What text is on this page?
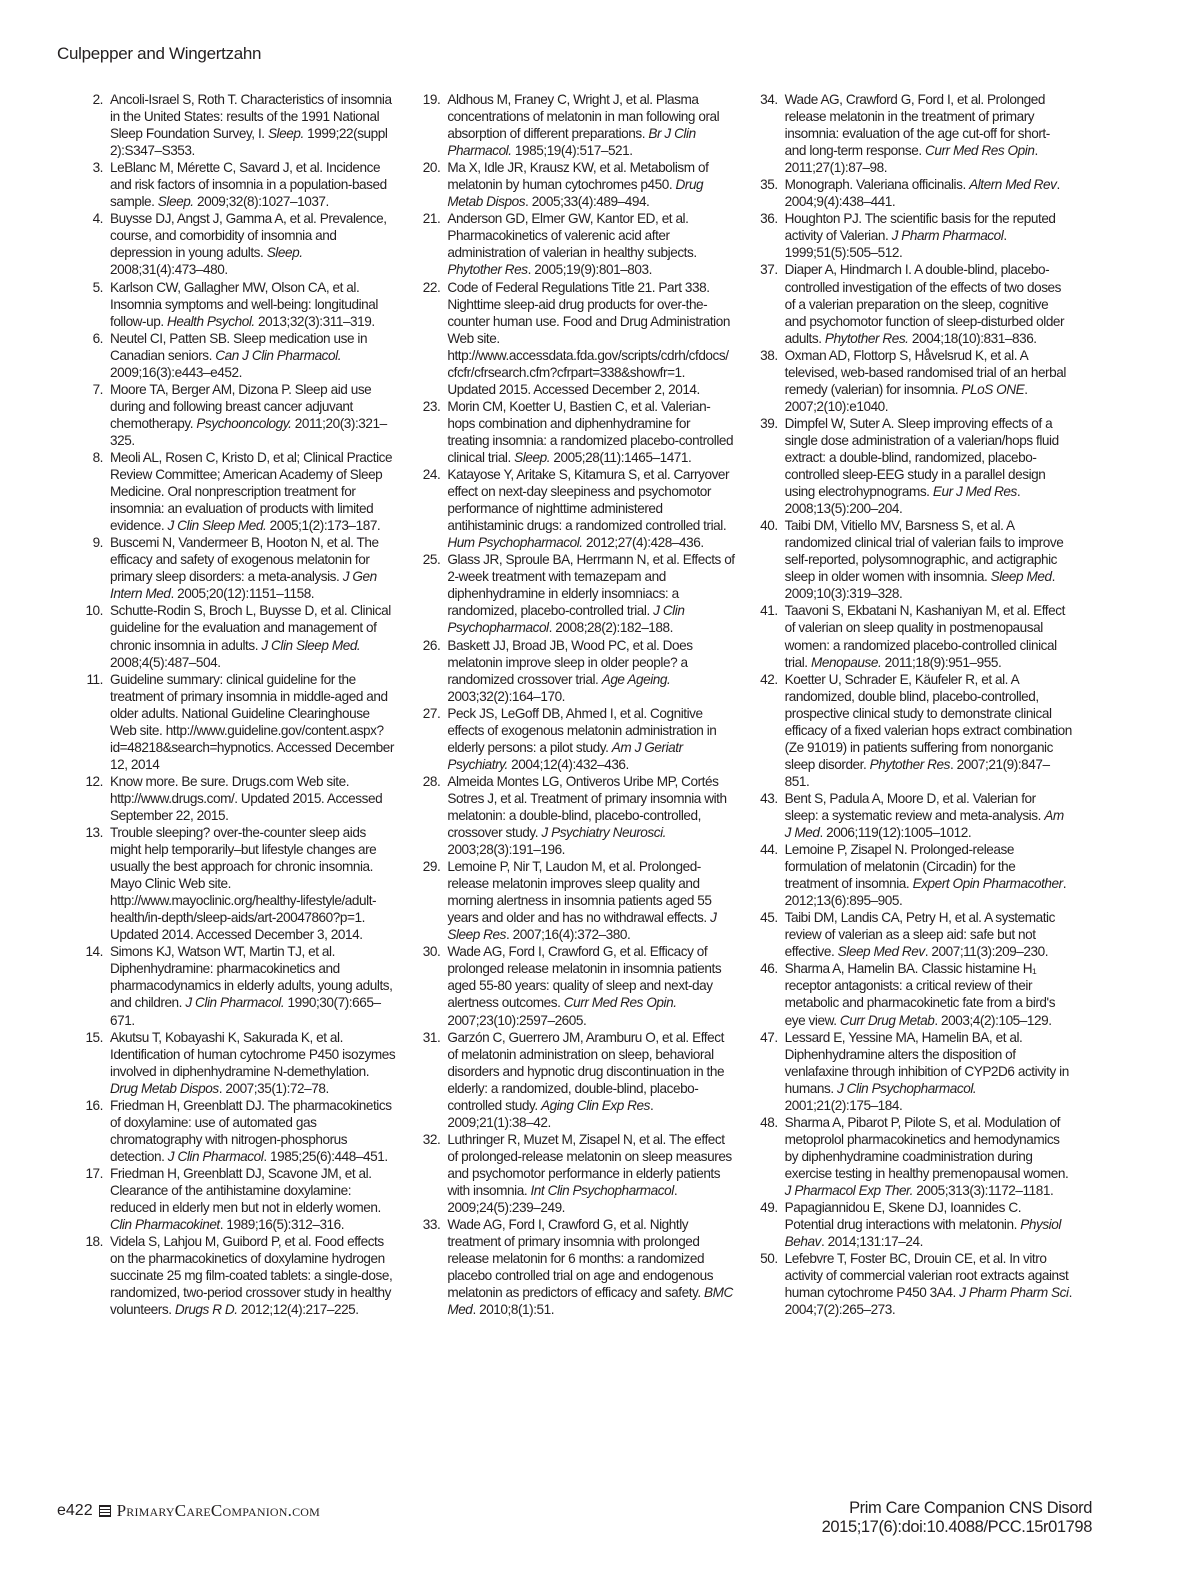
Culpepper and Wingertzahn
2. Ancoli-Israel S, Roth T. Characteristics of insomnia in the United States: results of the 1991 National Sleep Foundation Survey, I. Sleep. 1999;22(suppl 2):S347–S353.
3. LeBlanc M, Mérette C, Savard J, et al. Incidence and risk factors of insomnia in a population-based sample. Sleep. 2009;32(8):1027–1037.
4. Buysse DJ, Angst J, Gamma A, et al. Prevalence, course, and comorbidity of insomnia and depression in young adults. Sleep. 2008;31(4):473–480.
5. Karlson CW, Gallagher MW, Olson CA, et al. Insomnia symptoms and well-being: longitudinal follow-up. Health Psychol. 2013;32(3):311–319.
6. Neutel CI, Patten SB. Sleep medication use in Canadian seniors. Can J Clin Pharmacol. 2009;16(3):e443–e452.
7. Moore TA, Berger AM, Dizona P. Sleep aid use during and following breast cancer adjuvant chemotherapy. Psychooncology. 2011;20(3):321–325.
8. Meoli AL, Rosen C, Kristo D, et al; Clinical Practice Review Committee; American Academy of Sleep Medicine. Oral nonprescription treatment for insomnia: an evaluation of products with limited evidence. J Clin Sleep Med. 2005;1(2):173–187.
9. Buscemi N, Vandermeer B, Hooton N, et al. The efficacy and safety of exogenous melatonin for primary sleep disorders: a meta-analysis. J Gen Intern Med. 2005;20(12):1151–1158.
10. Schutte-Rodin S, Broch L, Buysse D, et al. Clinical guideline for the evaluation and management of chronic insomnia in adults. J Clin Sleep Med. 2008;4(5):487–504.
11. Guideline summary: clinical guideline for the treatment of primary insomnia in middle-aged and older adults. National Guideline Clearinghouse Web site. http://www.guideline.gov/content.aspx?id=48218&search=hypnotics. Accessed December 12, 2014
12. Know more. Be sure. Drugs.com Web site. http://www.drugs.com/. Updated 2015. Accessed September 22, 2015.
13. Trouble sleeping? over-the-counter sleep aids might help temporarily–but lifestyle changes are usually the best approach for chronic insomnia. Mayo Clinic Web site. http://www.mayoclinic.org/healthy-lifestyle/adult-health/in-depth/sleep-aids/art-20047860?p=1. Updated 2014. Accessed December 3, 2014.
14. Simons KJ, Watson WT, Martin TJ, et al. Diphenhydramine: pharmacokinetics and pharmacodynamics in elderly adults, young adults, and children. J Clin Pharmacol. 1990;30(7):665–671.
15. Akutsu T, Kobayashi K, Sakurada K, et al. Identification of human cytochrome P450 isozymes involved in diphenhydramine N-demethylation. Drug Metab Dispos. 2007;35(1):72–78.
16. Friedman H, Greenblatt DJ. The pharmacokinetics of doxylamine: use of automated gas chromatography with nitrogen-phosphorus detection. J Clin Pharmacol. 1985;25(6):448–451.
17. Friedman H, Greenblatt DJ, Scavone JM, et al. Clearance of the antihistamine doxylamine: reduced in elderly men but not in elderly women. Clin Pharmacokinet. 1989;16(5):312–316.
18. Videla S, Lahjou M, Guibord P, et al. Food effects on the pharmacokinetics of doxylamine hydrogen succinate 25 mg film-coated tablets: a single-dose, randomized, two-period crossover study in healthy volunteers. Drugs R D. 2012;12(4):217–225.
19. Aldhous M, Franey C, Wright J, et al. Plasma concentrations of melatonin in man following oral absorption of different preparations. Br J Clin Pharmacol. 1985;19(4):517–521.
20. Ma X, Idle JR, Krausz KW, et al. Metabolism of melatonin by human cytochromes p450. Drug Metab Dispos. 2005;33(4):489–494.
21. Anderson GD, Elmer GW, Kantor ED, et al. Pharmacokinetics of valerenic acid after administration of valerian in healthy subjects. Phytother Res. 2005;19(9):801–803.
22. Code of Federal Regulations Title 21. Part 338. Nighttime sleep-aid drug products for over-the-counter human use. Food and Drug Administration Web site. http://www.accessdata.fda.gov/scripts/cdrh/cfdocs/cfcfr/cfrsearch.cfm?cfrpart=338&showfr=1. Updated 2015. Accessed December 2, 2014.
23. Morin CM, Koetter U, Bastien C, et al. Valerian-hops combination and diphenhydramine for treating insomnia: a randomized placebo-controlled clinical trial. Sleep. 2005;28(11):1465–1471.
24. Katayose Y, Aritake S, Kitamura S, et al. Carryover effect on next-day sleepiness and psychomotor performance of nighttime administered antihistaminic drugs: a randomized controlled trial. Hum Psychopharmacol. 2012;27(4):428–436.
25. Glass JR, Sproule BA, Herrmann N, et al. Effects of 2-week treatment with temazepam and diphenhydramine in elderly insomniacs: a randomized, placebo-controlled trial. J Clin Psychopharmacol. 2008;28(2):182–188.
26. Baskett JJ, Broad JB, Wood PC, et al. Does melatonin improve sleep in older people? a randomized crossover trial. Age Ageing. 2003;32(2):164–170.
27. Peck JS, LeGoff DB, Ahmed I, et al. Cognitive effects of exogenous melatonin administration in elderly persons: a pilot study. Am J Geriatr Psychiatry. 2004;12(4):432–436.
28. Almeida Montes LG, Ontiveros Uribe MP, Cortés Sotres J, et al. Treatment of primary insomnia with melatonin: a double-blind, placebo-controlled, crossover study. J Psychiatry Neurosci. 2003;28(3):191–196.
29. Lemoine P, Nir T, Laudon M, et al. Prolonged-release melatonin improves sleep quality and morning alertness in insomnia patients aged 55 years and older and has no withdrawal effects. J Sleep Res. 2007;16(4):372–380.
30. Wade AG, Ford I, Crawford G, et al. Efficacy of prolonged release melatonin in insomnia patients aged 55-80 years: quality of sleep and next-day alertness outcomes. Curr Med Res Opin. 2007;23(10):2597–2605.
31. Garzón C, Guerrero JM, Aramburu O, et al. Effect of melatonin administration on sleep, behavioral disorders and hypnotic drug discontinuation in the elderly: a randomized, double-blind, placebo-controlled study. Aging Clin Exp Res. 2009;21(1):38–42.
32. Luthringer R, Muzet M, Zisapel N, et al. The effect of prolonged-release melatonin on sleep measures and psychomotor performance in elderly patients with insomnia. Int Clin Psychopharmacol. 2009;24(5):239–249.
33. Wade AG, Ford I, Crawford G, et al. Nightly treatment of primary insomnia with prolonged release melatonin for 6 months: a randomized placebo controlled trial on age and endogenous melatonin as predictors of efficacy and safety. BMC Med. 2010;8(1):51.
34. Wade AG, Crawford G, Ford I, et al. Prolonged release melatonin in the treatment of primary insomnia: evaluation of the age cut-off for short- and long-term response. Curr Med Res Opin. 2011;27(1):87–98.
35. Monograph. Valeriana officinalis. Altern Med Rev. 2004;9(4):438–441.
36. Houghton PJ. The scientific basis for the reputed activity of Valerian. J Pharm Pharmacol. 1999;51(5):505–512.
37. Diaper A, Hindmarch I. A double-blind, placebo-controlled investigation of the effects of two doses of a valerian preparation on the sleep, cognitive and psychomotor function of sleep-disturbed older adults. Phytother Res. 2004;18(10):831–836.
38. Oxman AD, Flottorp S, Håvelsrud K, et al. A televised, web-based randomised trial of an herbal remedy (valerian) for insomnia. PLoS ONE. 2007;2(10):e1040.
39. Dimpfel W, Suter A. Sleep improving effects of a single dose administration of a valerian/hops fluid extract: a double-blind, randomized, placebo-controlled sleep-EEG study in a parallel design using electrohypnograms. Eur J Med Res. 2008;13(5):200–204.
40. Taibi DM, Vitiello MV, Barsness S, et al. A randomized clinical trial of valerian fails to improve self-reported, polysomnographic, and actigraphic sleep in older women with insomnia. Sleep Med. 2009;10(3):319–328.
41. Taavoni S, Ekbatani N, Kashaniyan M, et al. Effect of valerian on sleep quality in postmenopausal women: a randomized placebo-controlled clinical trial. Menopause. 2011;18(9):951–955.
42. Koetter U, Schrader E, Käufeler R, et al. A randomized, double blind, placebo-controlled, prospective clinical study to demonstrate clinical efficacy of a fixed valerian hops extract combination (Ze 91019) in patients suffering from nonorganic sleep disorder. Phytother Res. 2007;21(9):847–851.
43. Bent S, Padula A, Moore D, et al. Valerian for sleep: a systematic review and meta-analysis. Am J Med. 2006;119(12):1005–1012.
44. Lemoine P, Zisapel N. Prolonged-release formulation of melatonin (Circadin) for the treatment of insomnia. Expert Opin Pharmacother. 2012;13(6):895–905.
45. Taibi DM, Landis CA, Petry H, et al. A systematic review of valerian as a sleep aid: safe but not effective. Sleep Med Rev. 2007;11(3):209–230.
46. Sharma A, Hamelin BA. Classic histamine H₁ receptor antagonists: a critical review of their metabolic and pharmacokinetic fate from a bird's eye view. Curr Drug Metab. 2003;4(2):105–129.
47. Lessard E, Yessine MA, Hamelin BA, et al. Diphenhydramine alters the disposition of venlafaxine through inhibition of CYP2D6 activity in humans. J Clin Psychopharmacol. 2001;21(2):175–184.
48. Sharma A, Pibarot P, Pilote S, et al. Modulation of metoprolol pharmacokinetics and hemodynamics by diphenhydramine coadministration during exercise testing in healthy premenopausal women. J Pharmacol Exp Ther. 2005;313(3):1172–1181.
49. Papagiannidou E, Skene DJ, Ioannides C. Potential drug interactions with melatonin. Physiol Behav. 2014;131:17–24.
50. Lefebvre T, Foster BC, Drouin CE, et al. In vitro activity of commercial valerian root extracts against human cytochrome P450 3A4. J Pharm Pharm Sci. 2004;7(2):265–273.
e422 PrimaryCareCompanion.com	Prim Care Companion CNS Disord
2015;17(6):doi:10.4088/PCC.15r01798
